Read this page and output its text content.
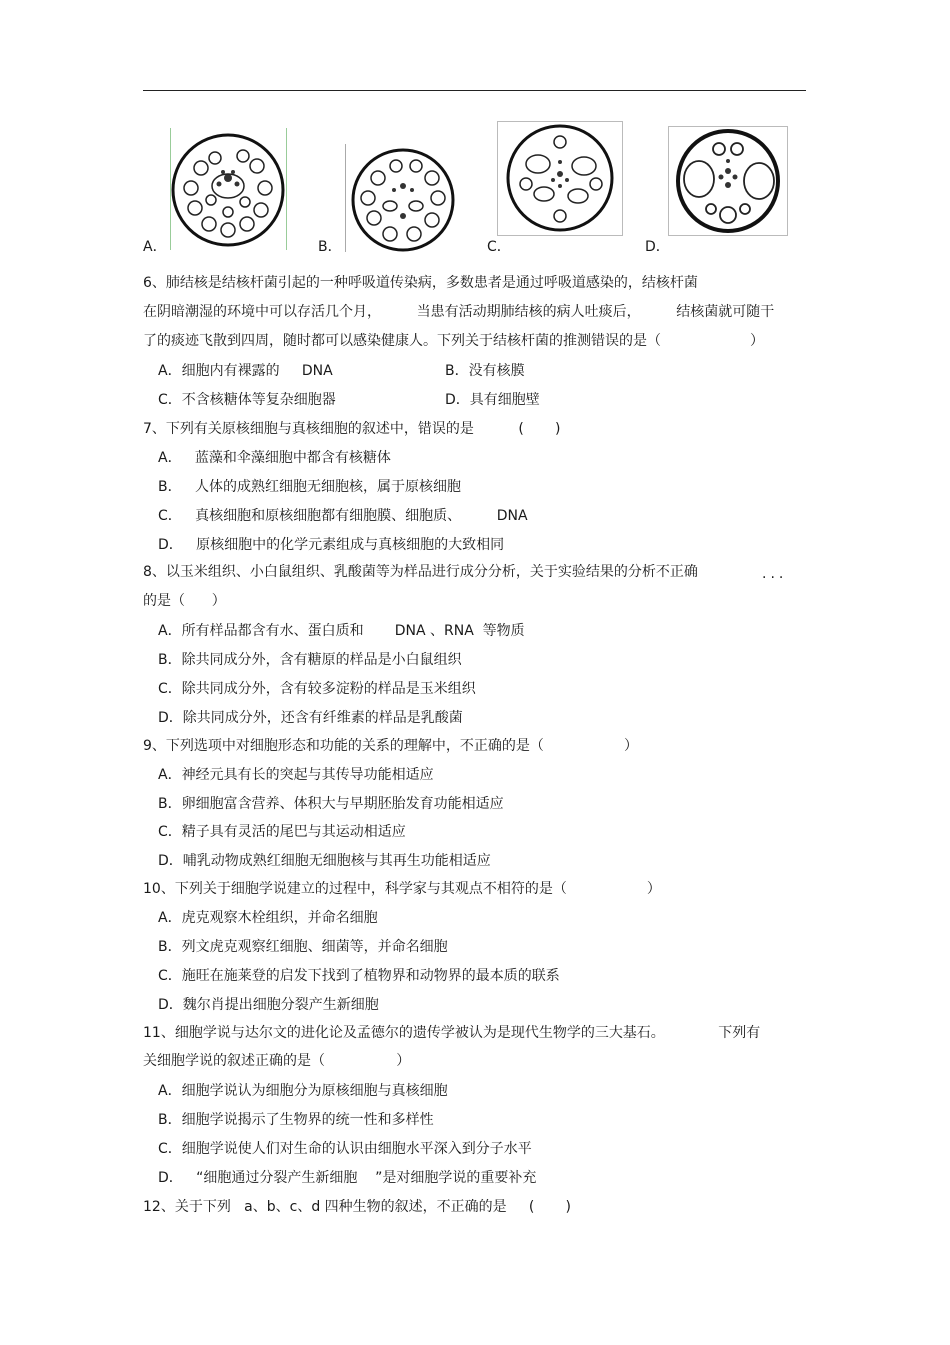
A．	B．	C．	D．
6、肺结核是结核杆菌引起的一种呼吸道传染病，多数患者是通过呼吸道感染的，结核杆菌
在阴暗潮湿的环境中可以存活几个月，        当患有活动期肺结核的病人吐痰后，        结核菌就可随干
了的痰迹飞散到四周，随时都可以感染健康人。下列关于结核杆菌的推测错误的是（                    ）
A．细胞内有裸露的     DNA	B．没有核膜
C．不含核糖体等复杂细胞器	D．具有细胞壁
7、下列有关原核细胞与真核细胞的叙述中，错误的是          (       )
A．   蓝藻和伞藻细胞中都含有核糖体
B．   人体的成熟红细胞无细胞核，属于原核细胞
C．   真核细胞和原核细胞都有细胞膜、细胞质、        DNA
D．   原核细胞中的化学元素组成与真核细胞的大致相同
8、以玉米组织、小白鼠组织、乳酸菌等为样品进行成分分析，关于实验结果的分析不正确	...
的是（      ）
A．所有样品都含有水、蛋白质和       DNA 、RNA  等物质
B．除共同成分外，含有糖原的样品是小白鼠组织
C．除共同成分外，含有较多淀粉的样品是玉米组织
D．除共同成分外，还含有纤维素的样品是乳酸菌
9、下列选项中对细胞形态和功能的关系的理解中，不正确的是（                  ）
A．神经元具有长的突起与其传导功能相适应
B．卵细胞富含营养、体积大与早期胚胎发育功能相适应
C．精子具有灵活的尾巴与其运动相适应
D．哺乳动物成熟红细胞无细胞核与其再生功能相适应
10、下列关于细胞学说建立的过程中，科学家与其观点不相符的是（                  ）
A．虎克观察木栓组织，并命名细胞
B．列文虎克观察红细胞、细菌等，并命名细胞
C．施旺在施莱登的启发下找到了植物界和动物界的最本质的联系
D．魏尔肖提出细胞分裂产生新细胞
11、细胞学说与达尔文的进化论及孟德尔的遗传学被认为是现代生物学的三大基石。            下列有
关细胞学说的叙述正确的是（                ）
A．细胞学说认为细胞分为原核细胞与真核细胞
B．细胞学说揭示了生物界的统一性和多样性
C．细胞学说使人们对生命的认识由细胞水平深入到分子水平
D．   “细胞通过分裂产生新细胞    ”是对细胞学说的重要补充
12、关于下列   a、b、c、d 四种生物的叙述，不正确的是     (       )
